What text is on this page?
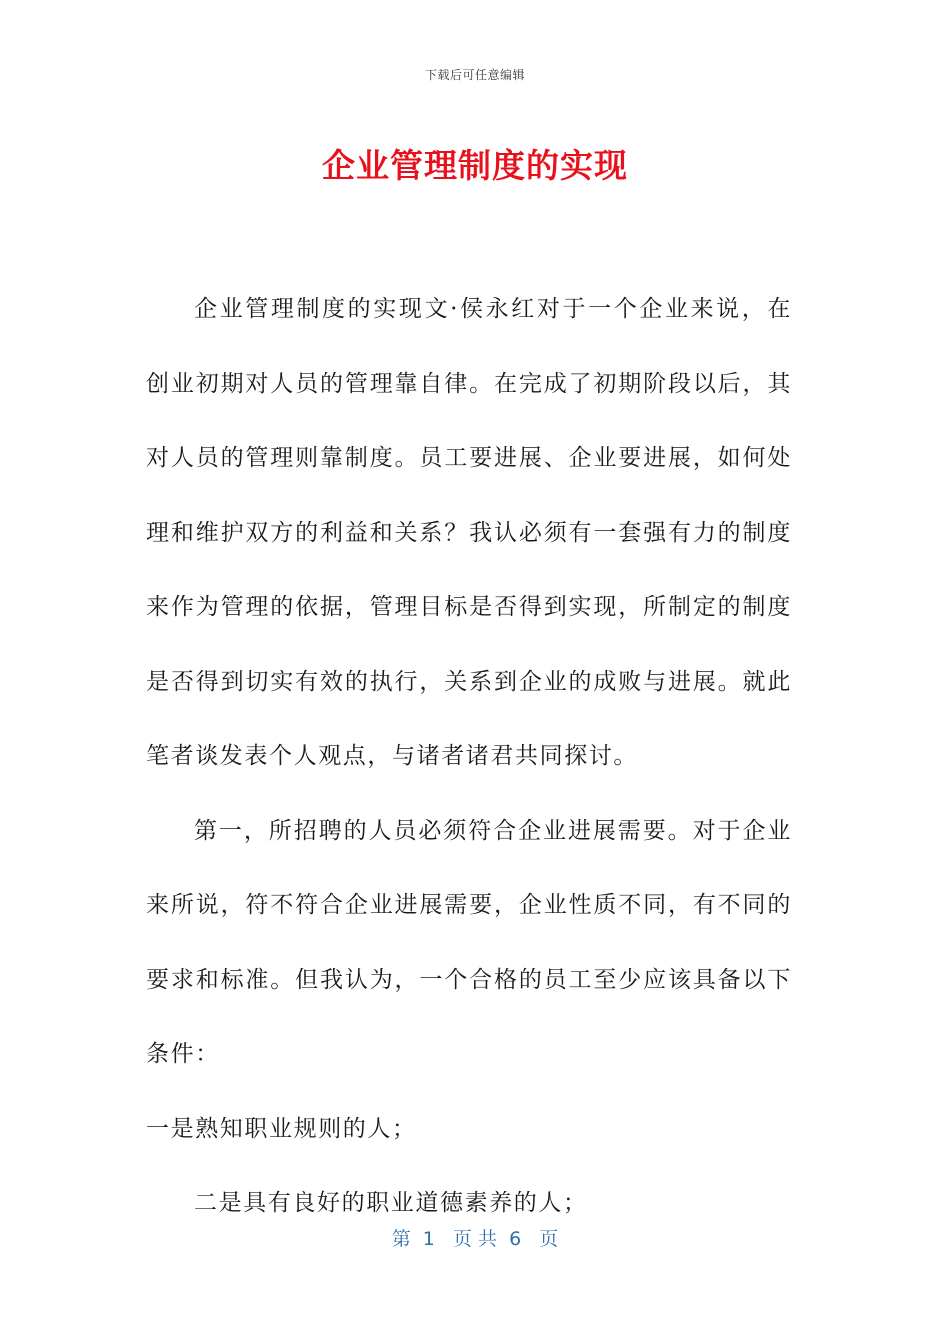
下载后可任意编辑
企业管理制度的实现

企业管理制度的实现文·侯永红对于一个企业来说，在创业初期对人员的管理靠自律。在完成了初期阶段以后，其对人员的管理则靠制度。员工要进展、企业要进展，如何处理和维护双方的利益和关系？我认必须有一套强有力的制度来作为管理的依据，管理目标是否得到实现，所制定的制度是否得到切实有效的执行，关系到企业的成败与进展。就此笔者谈发表个人观点，与诸者诸君共同探讨。

第一，所招聘的人员必须符合企业进展需要。对于企业来所说，符不符合企业进展需要，企业性质不同，有不同的要求和标准。但我认为，一个合格的员工至少应该具备以下条件：

一是熟知职业规则的人；

二是具有良好的职业道德素养的人；

第  1   页 共  6   页
